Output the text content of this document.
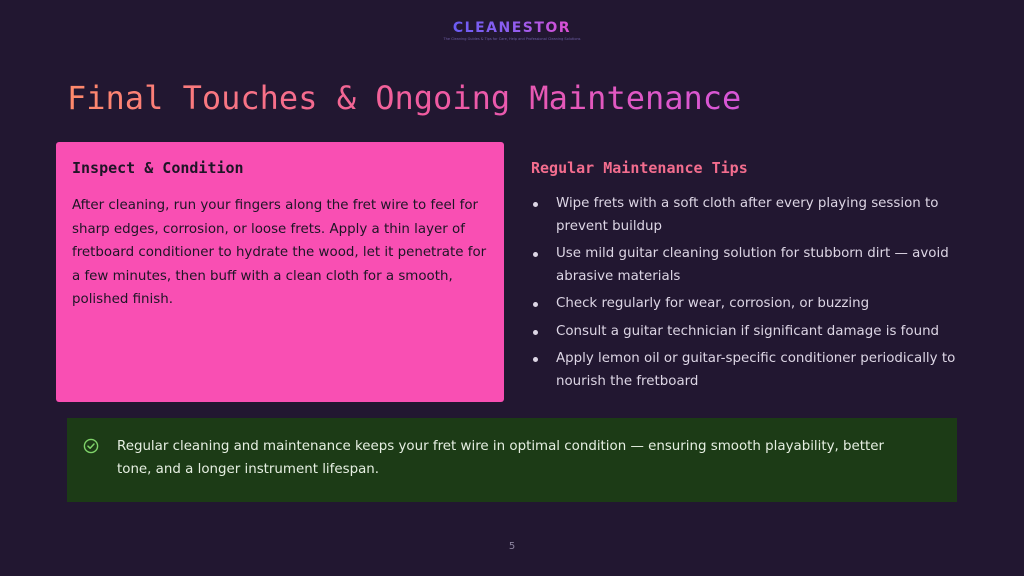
CLEANESTOR
The Cleaning Guides & Tips for Care, Help and Professional Cleaning Solutions
Final Touches & Ongoing Maintenance
Inspect & Condition

After cleaning, run your fingers along the fret wire to feel for sharp edges, corrosion, or loose frets. Apply a thin layer of fretboard conditioner to hydrate the wood, let it penetrate for a few minutes, then buff with a clean cloth for a smooth, polished finish.

Regular Maintenance Tips
Wipe frets with a soft cloth after every playing session to prevent buildup
Use mild guitar cleaning solution for stubborn dirt — avoid abrasive materials
Check regularly for wear, corrosion, or buzzing
Consult a guitar technician if significant damage is found
Apply lemon oil or guitar-specific conditioner periodically to nourish the fretboard

Regular cleaning and maintenance keeps your fret wire in optimal condition — ensuring smooth playability, better tone, and a longer instrument lifespan.

5
